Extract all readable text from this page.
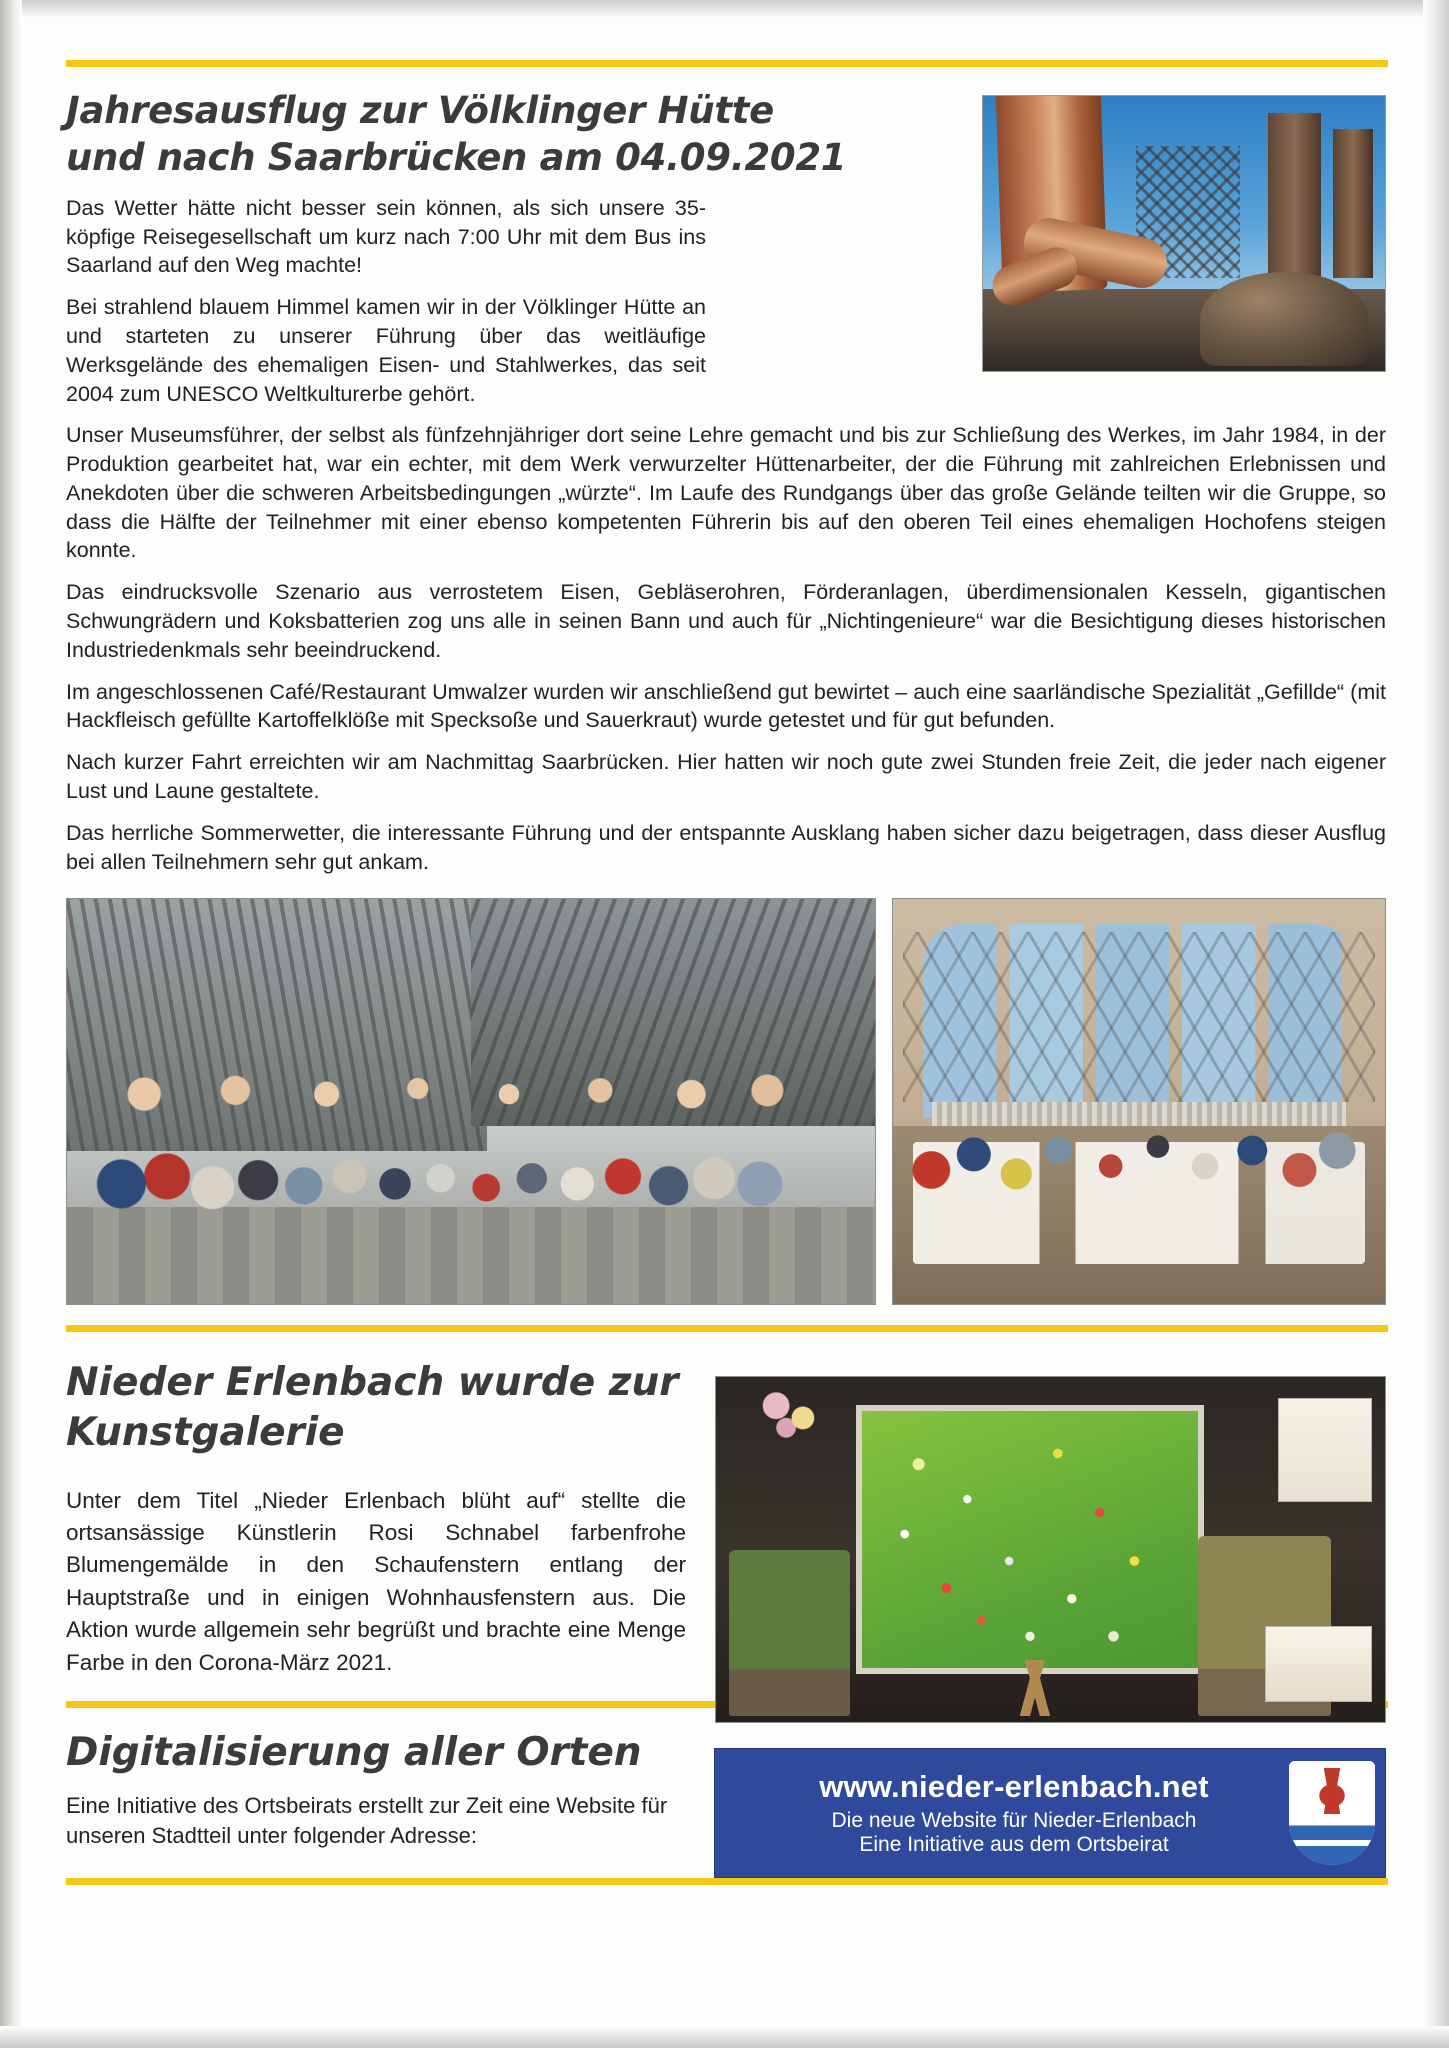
Jahresausflug zur Völklinger Hütte
und nach Saarbrücken am 04.09.2021

Das Wetter hätte nicht besser sein können, als sich unsere 35-köpfige Reisegesellschaft um kurz nach 7:00 Uhr mit dem Bus ins Saarland auf den Weg machte!

Bei strahlend blauem Himmel kamen wir in der Völklinger Hütte an und starteten zu unserer Führung über das weitläufige Werksgelände des ehemaligen Eisen- und Stahlwerkes, das seit 2004 zum UNESCO Weltkulturerbe gehört.

Unser Museumsführer, der selbst als fünfzehnjähriger dort seine Lehre gemacht und bis zur Schließung des Werkes, im Jahr 1984, in der Produktion gearbeitet hat, war ein echter, mit dem Werk verwurzelter Hüttenarbeiter, der die Führung mit zahlreichen Erlebnissen und Anekdoten über die schweren Arbeitsbedingungen „würzte“. Im Laufe des Rundgangs über das große Gelände teilten wir die Gruppe, so dass die Hälfte der Teilnehmer mit einer ebenso kompetenten Führerin bis auf den oberen Teil eines ehemaligen Hochofens steigen konnte.

Das eindrucksvolle Szenario aus verrostetem Eisen, Gebläserohren, Förderanlagen, überdimensionalen Kesseln, gigantischen Schwungrädern und Koksbatterien zog uns alle in seinen Bann und auch für „Nichtingenieure“ war die Besichtigung dieses historischen Industriedenkmals sehr beeindruckend.

Im angeschlossenen Café/Restaurant Umwalzer wurden wir anschließend gut bewirtet – auch eine saarländische Spezialität „Gefillde“ (mit Hackfleisch gefüllte Kartoffelklöße mit Specksoße und Sauerkraut) wurde getestet und für gut befunden.

Nach kurzer Fahrt erreichten wir am Nachmittag Saarbrücken. Hier hatten wir noch gute zwei Stunden freie Zeit, die jeder nach eigener Lust und Laune gestaltete.

Das herrliche Sommerwetter, die interessante Führung und der entspannte Ausklang haben sicher dazu beigetragen, dass dieser Ausflug bei allen Teilnehmern sehr gut ankam.

Nieder Erlenbach wurde zur Kunstgalerie

Unter dem Titel „Nieder Erlenbach blüht auf“ stellte die ortsansässige Künstlerin Rosi Schnabel farbenfrohe Blumengemälde in den Schaufenstern entlang der Hauptstraße und in einigen Wohnhausfenstern aus. Die Aktion wurde allgemein sehr begrüßt und brachte eine Menge Farbe in den Corona-März 2021.

www.nieder-erlenbach.net
Die neue Website für Nieder-Erlenbach
Eine Initiative aus dem Ortsbeirat
Digitalisierung aller Orten

Eine Initiative des Ortsbeirats erstellt zur Zeit eine Website für unseren Stadtteil unter folgender Adresse:
